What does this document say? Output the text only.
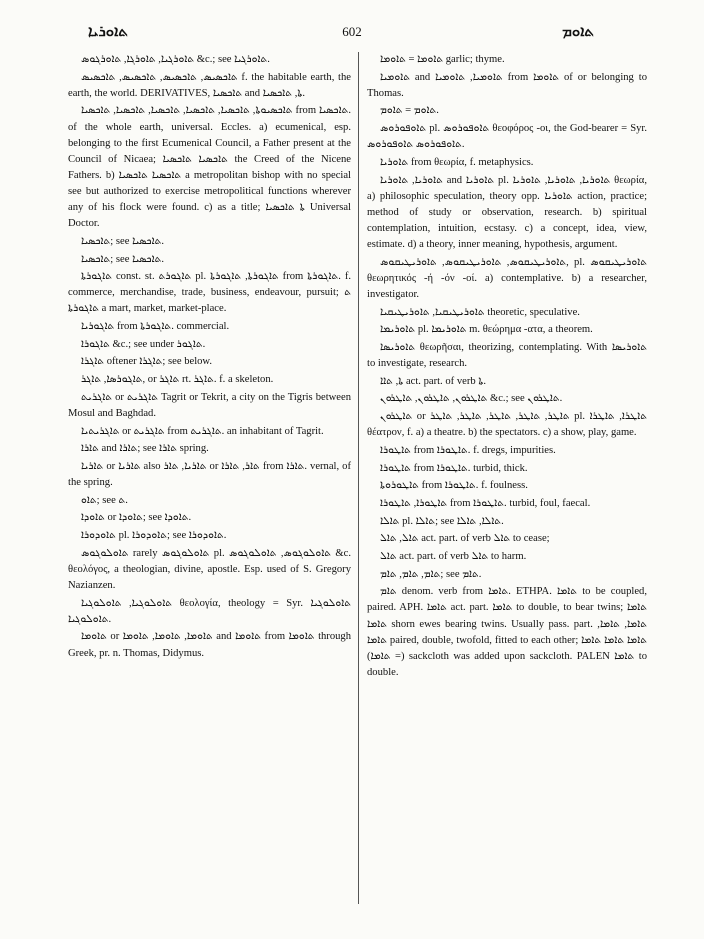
ܬܐܘܪܝܐ	602	ܬܐܘܡ

ܬܐܘܪܓܝܐ, ܬܐܘܪܓܐ, ܬܐܘܪܓܘܣ &c.; see ܬܐܘܪܓܝܐ.

ܬܐܟܣܝܣ, ܬܐܟܣܝܣ, ܬܐܟܣܝܣ, ܬܐܟܣܝܣ f. the habitable earth, the earth, the world. DERIVATIVES, ܬܐܟܣܝܐ and ܬܐ, ܬܐܟܣܝܐ.

ܬܐܟܣܝܘܬܐ, ܬܐܟܣܝܐ, ܬܐܟܣܝܐ, ܬܐܟܣܝܐ, ܬܐܟܣܝܐ, ܬܐܟܣܝܐ from ܬܐܟܣܝܐ. of the whole earth, universal. Eccles. a) ecumenical, esp. belonging to the first Ecumenical Council, a Father present at the Council of Nicaea; ܬܐܟܣܝܐ ܬܐܟܣܝܐ the Creed of the Nicene Fathers. b) ܬܐܟܣܝܐ ܬܐܟܣܝܐ a metropolitan bishop with no special see but authorized to exercise metropolitical functions wherever any of his flock were found. c) as a title; ܬܐ ܬܐܟܣܝܐ Universal Doctor.

ܬܐܟܣܝܐ; see ܬܐܟܣܝܐ.

ܬܐܟܣܝܐ; see ܬܐܟܣܝܐ.

ܬܐܓܘܪܬܐ const. st. ܬܐܓܘܪܬ pl. ܬܐܓܘܪܬܐ, ܬܐܓܘܪܬܐ from ܬܐܓܘܪܬܐ. f. commerce, merchandise, trade, business, endeavour, pursuit; ܬ ܬܐܓܘܪܬܐ a mart, market, market-place.

ܬܐܓܘܪܝܐ from ܬܐܓܘܪܬܐ. commercial.

ܬܐܓܘܪܐ &c.; see under ܬܐܓܘܪ.

ܬܐܓܪܐ oftener ܬܐܓܪܐ; see below.

ܬܐܓܘܪܣܐ, ܬܐܓܪ, or ܬܐܓܪ rt. ܬܐܓܪ. f. a skeleton.

ܬܐܓܪܝܬ or ܬܐܓܪܝܬ Tagrit or Tekrit, a city on the Tigris between Mosul and Baghdad.

ܬܐܓܪܝܬܝܐ or ܬܐܓܪܝܬ from ܬܐܓܪܝܬ. an inhabitant of Tagrit.

ܬܐܪܐ and ܬܐܪܐ; see ܬܐܪܐ spring.

ܬܐܪܝܐ or ܬܐܪܝܐ also ܬܐܪܝܐ, ܬܐܪ or ܬܐܪ, ܬܐܪܐ from ܬܐܪܐ. vernal, of the spring.

ܬܐܘ; see ܬ.

ܬܐܘܕܐ or ܬܐܘܕܐ; see ܬܐܘܕܐ.

ܬܐܘܕܘܪܐ pl. ܬܐܘܕܘܪܐ; see ܬܐܘܕܘܪܐ.

ܬܐܘܠܘܓܘܣ rarely ܬܐܘܠܘܓܘܣ pl. ܬܐܘܠܘܓܘܣ, ܬܐܘܠܘܓܘܣ &c. θεολόγος, a theologian, divine, apostle. Esp. used of S. Gregory Nazianzen.

ܬܐܘܠܘܓܝܐ, ܬܐܘܠܘܓܝܐ θεολογία, theology = Syr. ܬܐܘܠܘܓܝܐ ܬܐܘܠܘܓܝܐ.

ܬܐܘܡܐ or ܬܐܘܡܐ, ܬܐܘܡܐ, ܬܐܘܡܐ and ܬܐܘܡܐ from ܬܐܘܡܐ through Greek, pr. n. Thomas, Didymus.

ܬܐܘܡܐ = ܬܐܘܡܐ garlic; thyme.

ܬܐܘܡܝܐ and ܬܐܘܡܝܐ, ܬܐܘܡܝܐ from ܬܐܘܡܐ of or belonging to Thomas.

ܬܐܘܡ = ܬܐܘܡ.

ܬܐܘܦܘܪܘܣ pl. ܬܐܘܦܘܪܘܣ θεοφόρος -οι, the God-bearer = Syr. ܬܐܘܦܘܪܘܣ ܬܐܘܦܘܪܘܣ.

ܬܐܘܪܝܐ from θεωρία, f. metaphysics.

ܬܐܘܪܝܐ, ܬܐܘܪܝܐ and ܬܐܘܪܝܐ pl. ܬܐܘܪܝܐ, ܬܐܘܪܝܐ, ܬܐܘܪܝܐ θεωρία, a) philosophic speculation, theory opp. ܬܐܘܪܝܐ action, practice; method of study or observation, research. b) spiritual contemplation, intuition, ecstasy. c) a concept, idea, view, estimate. d) a theory, inner meaning, hypothesis, argument.

ܬܐܘܪܝܛܝܩܘܣ, ܬܐܘܪܝܛܝܩܘܣ, ܬܐܘܪܝܛܝܩܘܣ, pl. ܬܐܘܪܝܛܝܩܘܣ θεωρητικός -ή -όν -οί. a) contemplative. b) a researcher, investigator.

ܬܐܘܪܝܛܝܩܝܐ, ܬܐܘܪܝܛܝܩܝܐ theoretic, speculative.

ܬܐܘܪܝܡܐ pl. ܬܐܘܪܝܡܐ m. θεώρημα -ατα, a theorem.

ܬܐܘܪܝܣܐ θεωρῆσαι, theorizing, contemplating. With ܬܐܘܪܝܣܐ to investigate, research.

ܬܐ, ܬܐܐ act. part. of verb ܬܐ.

ܬܐܛܪܘܢ, ܬܐܛܪܘܢ, ܬܐܛܪܘܢ &c.; see ܬܐܛܪܘܢ.

ܬܐܛܪܘܢ or ܬܐܛܪ, ܬܐܛܪ, ܬܐܛܪ, ܬܐܛܪ, ܬܐܛܪ pl. ܬܐܛܪܐ, ܬܐܛܪܐ θέατρον, f. a) a theatre. b) the spectators. c) a show, play, game.

ܬܐܛܘܪܐ from ܬܐܛܘܪܐ. f. dregs, impurities.

ܬܐܛܘܪܐ from ܬܐܛܘܪܐ. turbid, thick.

ܬܐܛܘܪܘܬܐ from ܬܐܛܘܪܐ. f. foulness.

ܬܐܛܘܪܐ, ܬܐܛܘܪܐ from ܬܐܛܘܪܐ. turbid, foul, faecal.

ܬܐܠܐ pl. ܬܐܠܐ; see ܬܐܠܐ, ܬܐܠܐ.

ܬܐܠ, ܬܐܠ act. part. of verb ܬܐܠ to cease;

ܬܐܠ act. part. of verb ܬܐܠ to harm.

ܬܐܡ, ܬܐܡ, ܬܐܡ; see ܬܐܡ.

ܬܐܡ denom. verb from ܬܐܡܐ. ETHPA. ܬܐܡܐ to be coupled, paired. APH. ܬܐܡܐ act. part. ܬܐܡܐ to double, to bear twins; ܬܐܡܐ ܬܐܡܐ shorn ewes bearing twins. Usually pass. part. ܬܐܡܐ, ܬܐܡܐ, ܬܐܡܐ paired, double, twofold, fitted to each other; ܬܐܡܐ ܬܐܡܐ ܬܐܡܐ (= ܬܐܡܐ) sackcloth was added upon sackcloth. PALEN ܬܐܡܐ to double.
